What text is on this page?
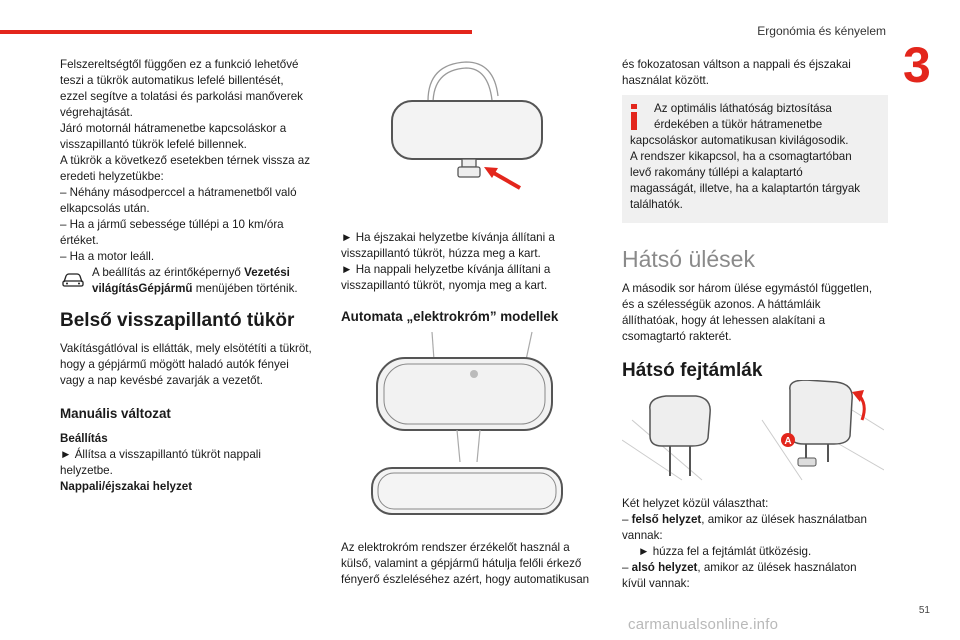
Ergonómia és kényelem
3
51
carmanualsonline.info

Felszereltségtől függően ez a funkció lehetővé
teszi a tükrök automatikus lefelé billentését,
ezzel segítve a tolatási és parkolási manőverek
végrehajtását.
Járó motornál hátramenetbe kapcsoláskor a
visszapillantó tükrök lefelé billennek.
A tükrök a következő esetekben térnek vissza az
eredeti helyzetükbe:
– Néhány másodperccel a hátramenetből való
elkapcsolás után.
– Ha a jármű sebessége túllépi a 10 km/óra
értéket.
– Ha a motor leáll.

A beállítás az érintőképernyő Vezetési világításGépjármű menüjében történik.

Belső visszapillantó tükör

Vakításgátlóval is ellátták, mely elsötétíti a tükröt,
hogy a gépjármű mögött haladó autók fényei
vagy a nap kevésbé zavarják a vezetőt.

Manuális változat

Beállítás
► Állítsa a visszapillantó tükröt nappali
helyzetbe.
Nappali/éjszakai helyzet

► Ha éjszakai helyzetbe kívánja állítani a
visszapillantó tükröt, húzza meg a kart.
► Ha nappali helyzetbe kívánja állítani a
visszapillantó tükröt, nyomja meg a kart.

Automata „elektrokróm” modellek

Az elektrokróm rendszer érzékelőt használ a
külső, valamint a gépjármű hátulja felőli érkező
fényerő észleléséhez azért, hogy automatikusan

és fokozatosan váltson a nappali és éjszakai
használat között.

Az optimális láthatóság biztosítása
érdekében a tükör hátramenetbe
kapcsoláskor automatikusan kivilágosodik.
A rendszer kikapcsol, ha a csomagtartóban
levő rakomány túllépi a kalaptartó
magasságát, illetve, ha a kalaptartón tárgyak
találhatók.

Hátsó ülések

A második sor három ülése egymástól független,
és a szélességük azonos. A háttámláik
állíthatóak, hogy át lehessen alakítani a
csomagtartó rakterét.

Hátsó fejtámlák
A

Két helyzet közül választhat:
– felső helyzet, amikor az ülések használatban
vannak:
► húzza fel a fejtámlát ütközésig.
– alsó helyzet, amikor az ülések használaton
kívül vannak:
